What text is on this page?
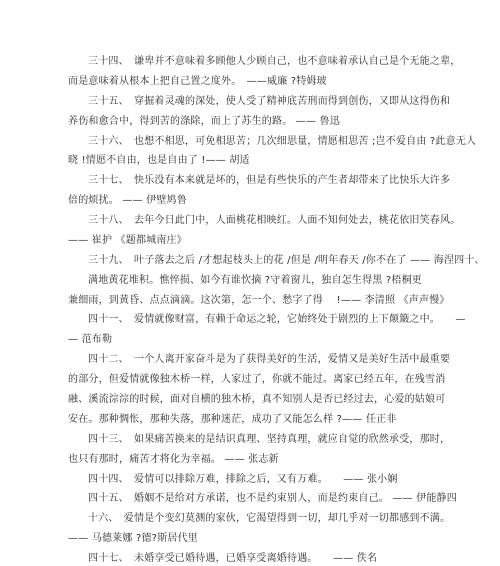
三十四、　谦卑并不意味着多顾他人少顾自己，也不意味着承认自己是个无能之辈，
而是意味着从根本上把自己置之度外。　——威廉 ?特姆玻
三十五、　穿掘着灵魂的深处，使人受了精神底苦刑而得到创伤，又即从这得伤和
养伤和愈合中，得到苦的涤除，而上了苏生的路。 —— 鲁迅
三十六、　也想不相思，可免相思苦；几次细思量，情愿相思苦 ;岂不爱自由 ?此意无人
晓 !情愿不自由，也是自由了 !—— 胡适
三十七、　快乐没有本来就是坏的，但是有些快乐的产生者却带来了比快乐大许多
倍的烦扰。 —— 伊壁鸠鲁
三十八、　去年今日此门中，人面桃花相映红。人面不知何处去，桃花依旧笑春风。
—— 崔护 《题都城南庄》
三十九、　叶子落去之后 /才想起枝头上的花 /但是 /明年春天 /你不在了 —— 海涅四十、
满地黄花堆积。憔悴损、如今有谁忺摘 ?守着窗儿，独自怎生得黑 ?梧桐更
兼细雨，到黄昏、点点滴滴。这次第，怎一个、愁字了得　 !—— 李清照 《声声慢》
四十一、　爱情就像财富，有赖于命运之轮，它始终处于剧烈的上下颠簸之中。　　—
— 范布勒
四十二、　一个人离开家奋斗是为了获得美好的生活，爱情又是美好生活中最重要
的部分，但爱情就像独木桥一样，人家过了，你就不能过。离家已经五年，在残雪消
融、溪流淙淙的时候，面对自横的独木桥，真不知别人是否已经过去，心爱的姑娘可
安在。那种惆怅，那种失落，那种迷茫，成功了又能怎么样 ?—— 任正非
四十三、　如果痛苦换来的是结识真理、坚持真理，就应自觉的欣然承受，那时，
也只有那时，痛苦才将化为幸福。 —— 张志新
四十四、　爱情可以排除万难，排除之后，又有万难。　　—— 张小娴
四十五、　婚姻不是给对方承诺，也不是约束别人，而是约束自己。 —— 伊能静四
十六、　爱情是个变幻莫测的家伙，它渴望得到一切，却几乎对一切都感到不满。
—— 马德莱娜 ?德?斯居代里
四十七、　未婚享受已婚待遇，已婚享受离婚待遇。　　—— 佚名
